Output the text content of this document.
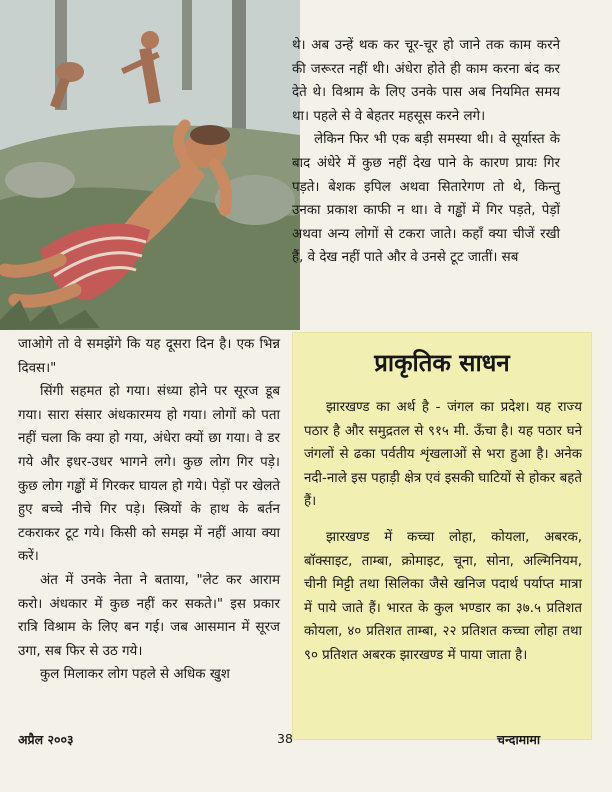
जाओगे तो वे समझेंगे कि यह दूसरा दिन है। एक भिन्न दिवस।"

सिंगी सहमत हो गया। संध्या होने पर सूरज डूब गया। सारा संसार अंधकारमय हो गया। लोगों को पता नहीं चला कि क्या हो गया, अंधेरा क्यों छा गया। वे डर गये और इधर-उधर भागने लगे। कुछ लोग गिर पड़े। कुछ लोग गड्ढों में गिरकर घायल हो गये। पेड़ों पर खेलते हुए बच्चे नीचे गिर पड़े। स्त्रियों के हाथ के बर्तन टकराकर टूट गये। किसी को समझ में नहीं आया क्या करें।

अंत में उनके नेता ने बताया, "लेट कर आराम करो। अंधकार में कुछ नहीं कर सकते।" इस प्रकार रात्रि विश्राम के लिए बन गई। जब आसमान में सूरज उगा, सब फिर से उठ गये।

कुल मिलाकर लोग पहले से अधिक खुश

थे। अब उन्हें थक कर चूर-चूर हो जाने तक काम करने की जरूरत नहीं थी। अंधेरा होते ही काम करना बंद कर देते थे। विश्राम के लिए उनके पास अब नियमित समय था। पहले से वे बेहतर महसूस करने लगे।

लेकिन फिर भी एक बड़ी समस्या थी। वे सूर्यास्त के बाद अंधेरे में कुछ नहीं देख पाने के कारण प्रायः गिर पड़ते। बेशक इपिल अथवा सितारेगण तो थे, किन्तु उनका प्रकाश काफी न था। वे गड्ढों में गिर पड़ते, पेड़ों अथवा अन्य लोगों से टकरा जाते। कहाँ क्या चीजें रखी हैं, वे देख नहीं पाते और वे उनसे टूट जातीं। सब

प्राकृतिक साधन

झारखण्ड का अर्थ है - जंगल का प्रदेश। यह राज्य पठार है और समुद्रतल से ९१५ मी. ऊँचा है। यह पठार घने जंगलों से ढका पर्वतीय शृंखलाओं से भरा हुआ है। अनेक नदी-नाले इस पहाड़ी क्षेत्र एवं इसकी घाटियों से होकर बहते हैं।

झारखण्ड में कच्चा लोहा, कोयला, अबरक, बॉक्साइट, ताम्बा, क्रोमाइट, चूना, सोना, अल्मिनियम, चीनी मिट्टी तथा सिलिका जैसे खनिज पदार्थ पर्याप्त मात्रा में पाये जाते हैं। भारत के कुल भण्डार का ३७.५ प्रतिशत कोयला, ४० प्रतिशत ताम्बा, २२ प्रतिशत कच्चा लोहा तथा ९० प्रतिशत अबरक झारखण्ड में पाया जाता है।

अप्रैल २००३	38	चन्दामामा
